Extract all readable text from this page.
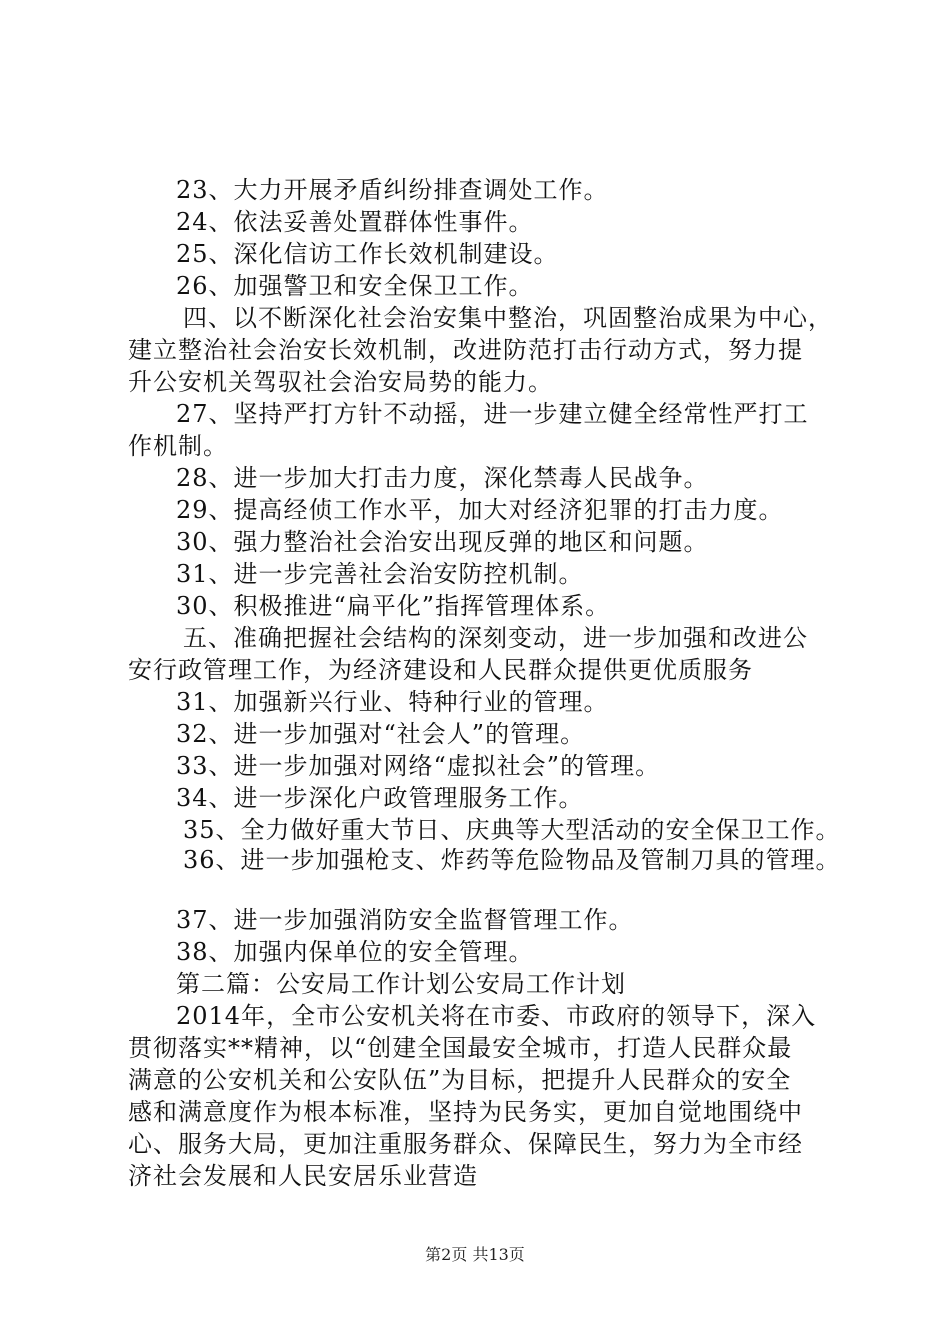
23、大力开展矛盾纠纷排查调处工作。
24、依法妥善处置群体性事件。
25、深化信访工作长效机制建设。
26、加强警卫和安全保卫工作。
四、以不断深化社会治安集中整治，巩固整治成果为中心，
建立整治社会治安长效机制，改进防范打击行动方式，努力提
升公安机关驾驭社会治安局势的能力。
27、坚持严打方针不动摇，进一步建立健全经常性严打工
作机制。
28、进一步加大打击力度，深化禁毒人民战争。
29、提高经侦工作水平，加大对经济犯罪的打击力度。
30、强力整治社会治安出现反弹的地区和问题。
31、进一步完善社会治安防控机制。
30、积极推进“扁平化”指挥管理体系。
五、准确把握社会结构的深刻变动，进一步加强和改进公
安行政管理工作，为经济建设和人民群众提供更优质服务
31、加强新兴行业、特种行业的管理。
32、进一步加强对“社会人”的管理。
33、进一步加强对网络“虚拟社会”的管理。
34、进一步深化户政管理服务工作。
35、全力做好重大节日、庆典等大型活动的安全保卫工作。
36、进一步加强枪支、炸药等危险物品及管制刀具的管理。
37、进一步加强消防安全监督管理工作。
38、加强内保单位的安全管理。
第二篇：公安局工作计划公安局工作计划
2014年，全市公安机关将在市委、市政府的领导下，深入
贯彻落实**精神，以“创建全国最安全城市，打造人民群众最
满意的公安机关和公安队伍”为目标，把提升人民群众的安全
感和满意度作为根本标准，坚持为民务实，更加自觉地围绕中
心、服务大局，更加注重服务群众、保障民生，努力为全市经
济社会发展和人民安居乐业营造
第2页 共13页
